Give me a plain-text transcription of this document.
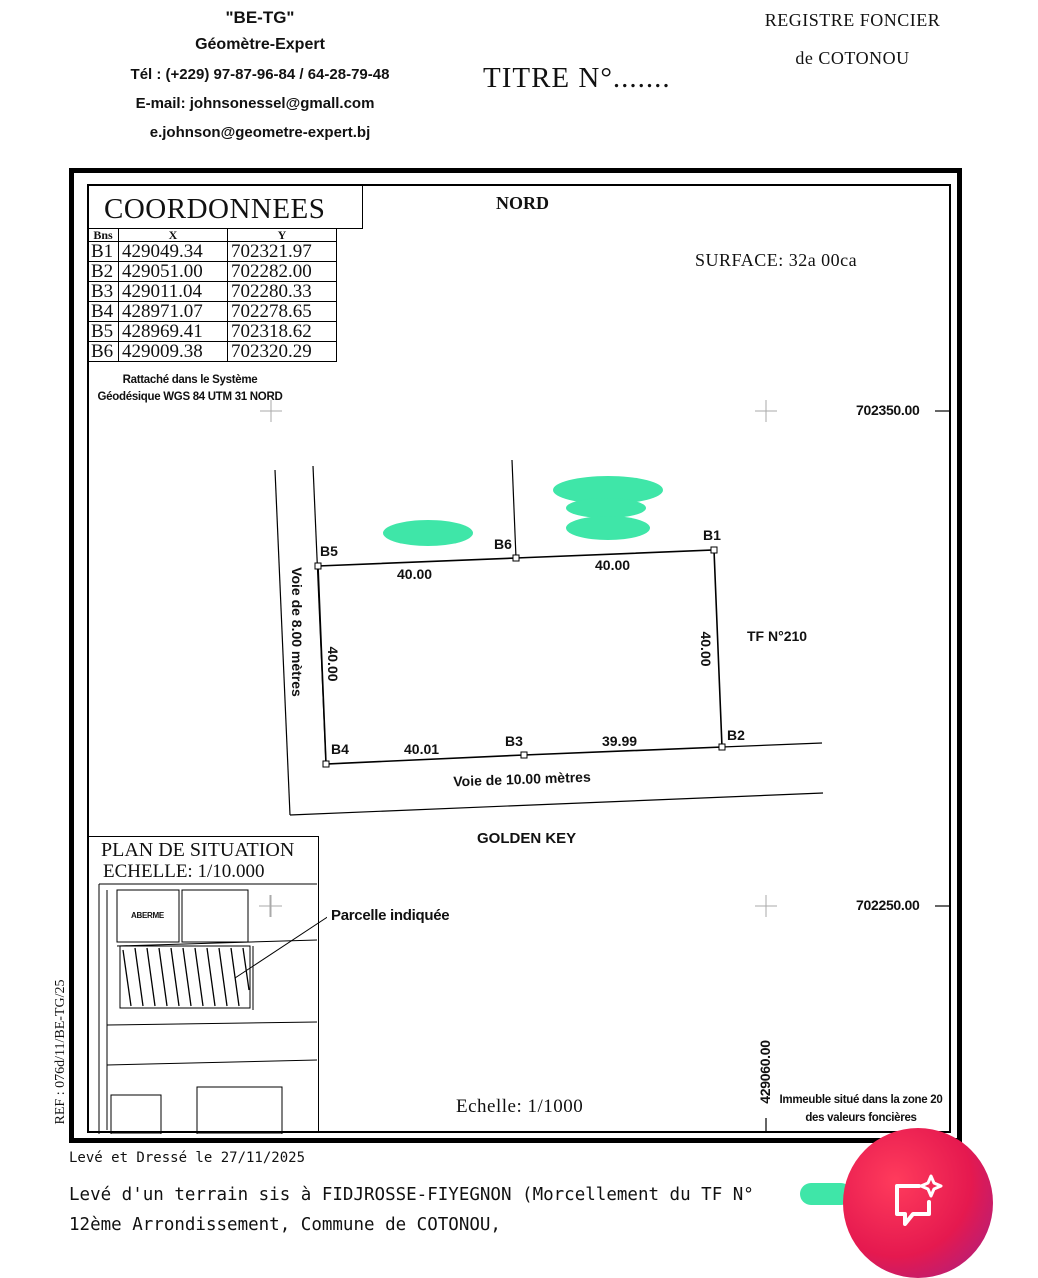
"BE-TG"
Géomètre-Expert
Tél : (+229) 97-87-96-84 / 64-28-79-48
E-mail: johnsonessel@gmall.com
e.johnson@geometre-expert.bj
TITRE N°.......
REGISTRE FONCIER
de COTONOU
COORDONNEES
Bns	X	Y
B1	429049.34	702321.97
B2	429051.00	702282.00
B3	429011.04	702280.33
B4	428971.07	702278.65
B5	428969.41	702318.62
B6	429009.38	702320.29
Rattaché dans le Système
Géodésique WGS 84 UTM 31 NORD
NORD
SURFACE: 32a 00ca
702350.00
702250.00
429060.00
B5	B6
B1
B2
B3
B4
40.00
40.00
40.00
40.01	39.99
40.00
TF N°210
Voie de 8.00 mètres
Voie de 10.00 mètres
GOLDEN KEY
Echelle: 1/1000	Immeuble situé dans la zone 20
des valeurs foncières
PLAN DE SITUATION
ECHELLE: 1/10.000
ABERME	Parcelle indiquée
REF : 076d/11/BE-TG/25
Levé et Dressé le 27/11/2025
Levé d'un terrain sis à FIDJROSSE-FIYEGNON (Morcellement du TF N°
12ème Arrondissement, Commune de COTONOU,
